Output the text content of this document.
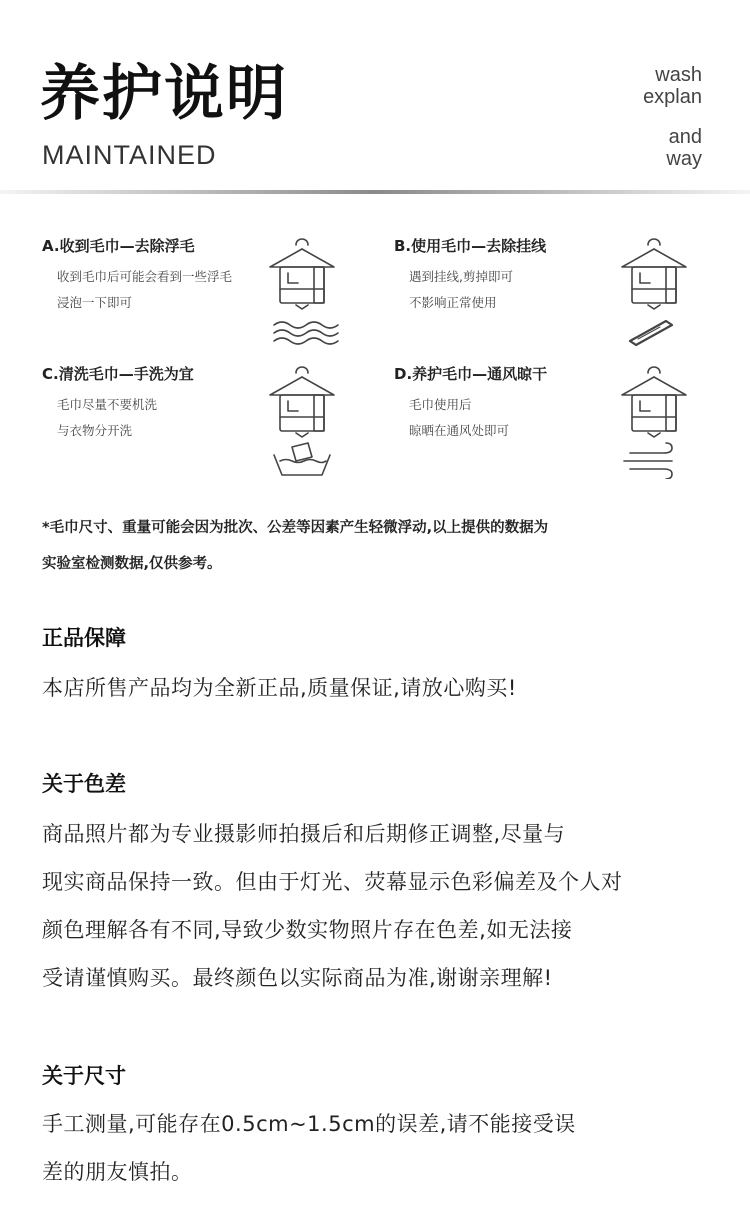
养护说明
MAINTAINED
wash
explan
and
way
A.收到毛巾—去除浮毛
收到毛巾后可能会看到一些浮毛
浸泡一下即可
B.使用毛巾—去除挂线
遇到挂线,剪掉即可
不影响正常使用
C.清洗毛巾—手洗为宜
毛巾尽量不要机洗
与衣物分开洗
D.养护毛巾—通风晾干
毛巾使用后
晾晒在通风处即可
*毛巾尺寸、重量可能会因为批次、公差等因素产生轻微浮动,以上提供的数据为
实验室检测数据,仅供参考。
正品保障
本店所售产品均为全新正品,质量保证,请放心购买!
关于色差
商品照片都为专业摄影师拍摄后和后期修正调整,尽量与
现实商品保持一致。但由于灯光、荧幕显示色彩偏差及个人对
颜色理解各有不同,导致少数实物照片存在色差,如无法接
受请谨慎购买。最终颜色以实际商品为准,谢谢亲理解!
关于尺寸
手工测量,可能存在0.5cm~1.5cm的误差,请不能接受误
差的朋友慎拍。
